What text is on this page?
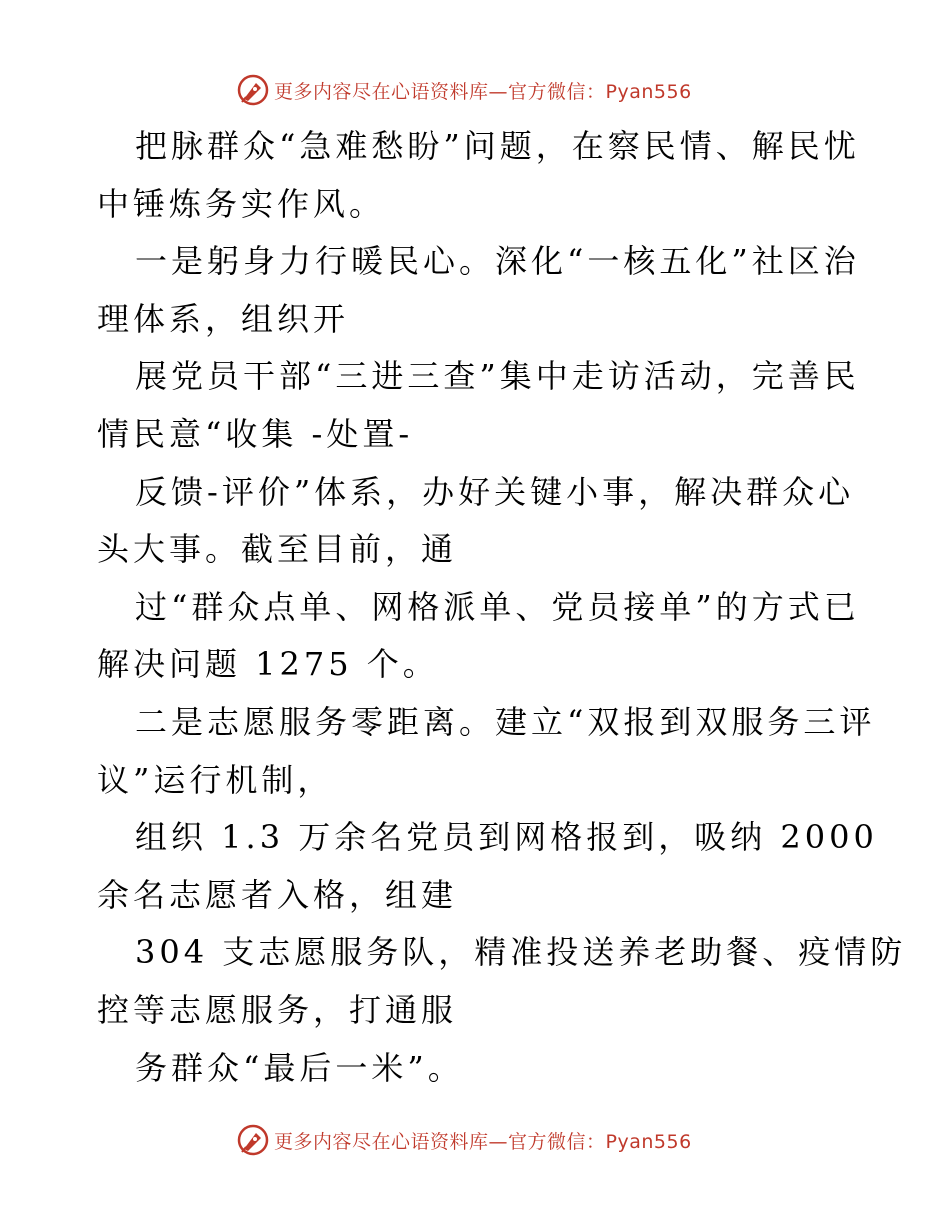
更多内容尽在心语资料库—官方微信：Pyan556
把脉群众“急难愁盼”问题，在察民情、解民忧
中锤炼务实作风。
一是躬身力行暖民心。深化“一核五化”社区治
理体系，组织开
展党员干部“三进三查”集中走访活动，完善民
情民意“收集 -处置-
反馈-评价”体系，办好关键小事，解决群众心
头大事。截至目前，通
过“群众点单、网格派单、党员接单”的方式已
解决问题 1275 个。
二是志愿服务零距离。建立“双报到双服务三评
议”运行机制，
组织 1.3 万余名党员到网格报到，吸纳 2000
余名志愿者入格，组建
304 支志愿服务队，精准投送养老助餐、疫情防
控等志愿服务，打通服
务群众“最后一米”。
更多内容尽在心语资料库—官方微信：Pyan556
